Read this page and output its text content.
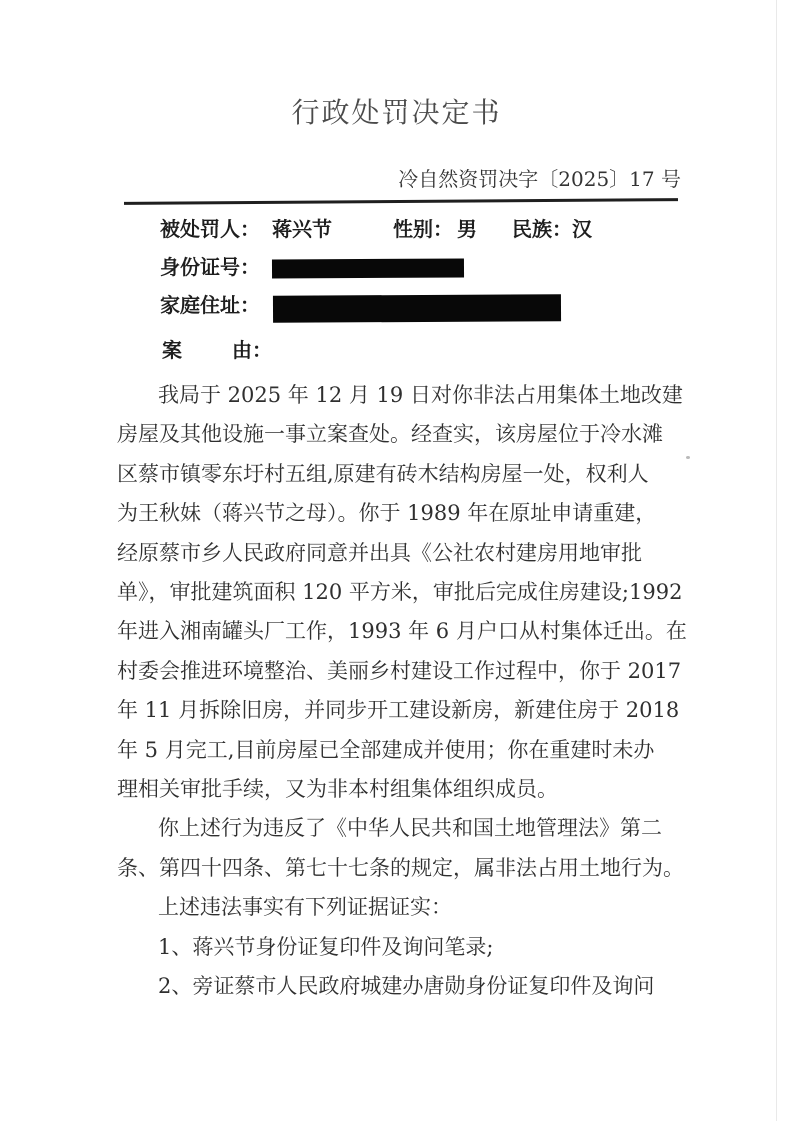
行政处罚决定书
冷自然资罚决字〔2025〕17 号
被处罚人： 蒋兴节	性别： 男 民族： 汉
身份证号：
家庭住址：
案	由：
我局于 2025 年 12 月 19 日对你非法占用集体土地改建
房屋及其他设施一事立案查处。经查实，该房屋位于冷水滩
区蔡市镇零东圩村五组,原建有砖木结构房屋一处，权利人
为王秋妹（蒋兴节之母）。你于 1989 年在原址申请重建，
经原蔡市乡人民政府同意并出具《公社农村建房用地审批
单》，审批建筑面积 120 平方米，审批后完成住房建设;1992
年进入湘南罐头厂工作，1993 年 6 月户口从村集体迁出。在
村委会推进环境整治、美丽乡村建设工作过程中，你于 2017
年 11 月拆除旧房，并同步开工建设新房，新建住房于 2018
年 5 月完工,目前房屋已全部建成并使用；你在重建时未办
理相关审批手续，又为非本村组集体组织成员。
你上述行为违反了《中华人民共和国土地管理法》第二
条、第四十四条、第七十七条的规定，属非法占用土地行为。
上述违法事实有下列证据证实：
1、蒋兴节身份证复印件及询问笔录;
2、旁证蔡市人民政府城建办唐勋身份证复印件及询问
